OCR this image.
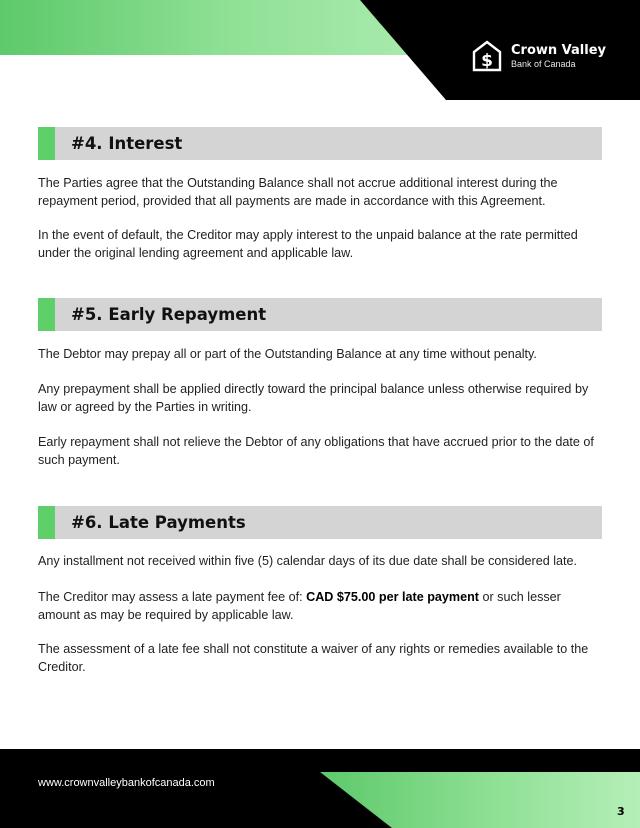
$
Crown Valley
Bank of Canada
#4. Interest

The Parties agree that the Outstanding Balance shall not accrue additional interest during the repayment period, provided that all payments are made in accordance with this Agreement.

In the event of default, the Creditor may apply interest to the unpaid balance at the rate permitted under the original lending agreement and applicable law.

#5. Early Repayment

The Debtor may prepay all or part of the Outstanding Balance at any time without penalty.

Any prepayment shall be applied directly toward the principal balance unless otherwise required by law or agreed by the Parties in writing.

Early repayment shall not relieve the Debtor of any obligations that have accrued prior to the date of such payment.

#6. Late Payments

Any installment not received within five (5) calendar days of its due date shall be considered late.

The Creditor may assess a late payment fee of: CAD $75.00 per late payment or such lesser amount as may be required by applicable law.

The assessment of a late fee shall not constitute a waiver of any rights or remedies available to the Creditor.

www.crownvalleybankofcanada.com
3
